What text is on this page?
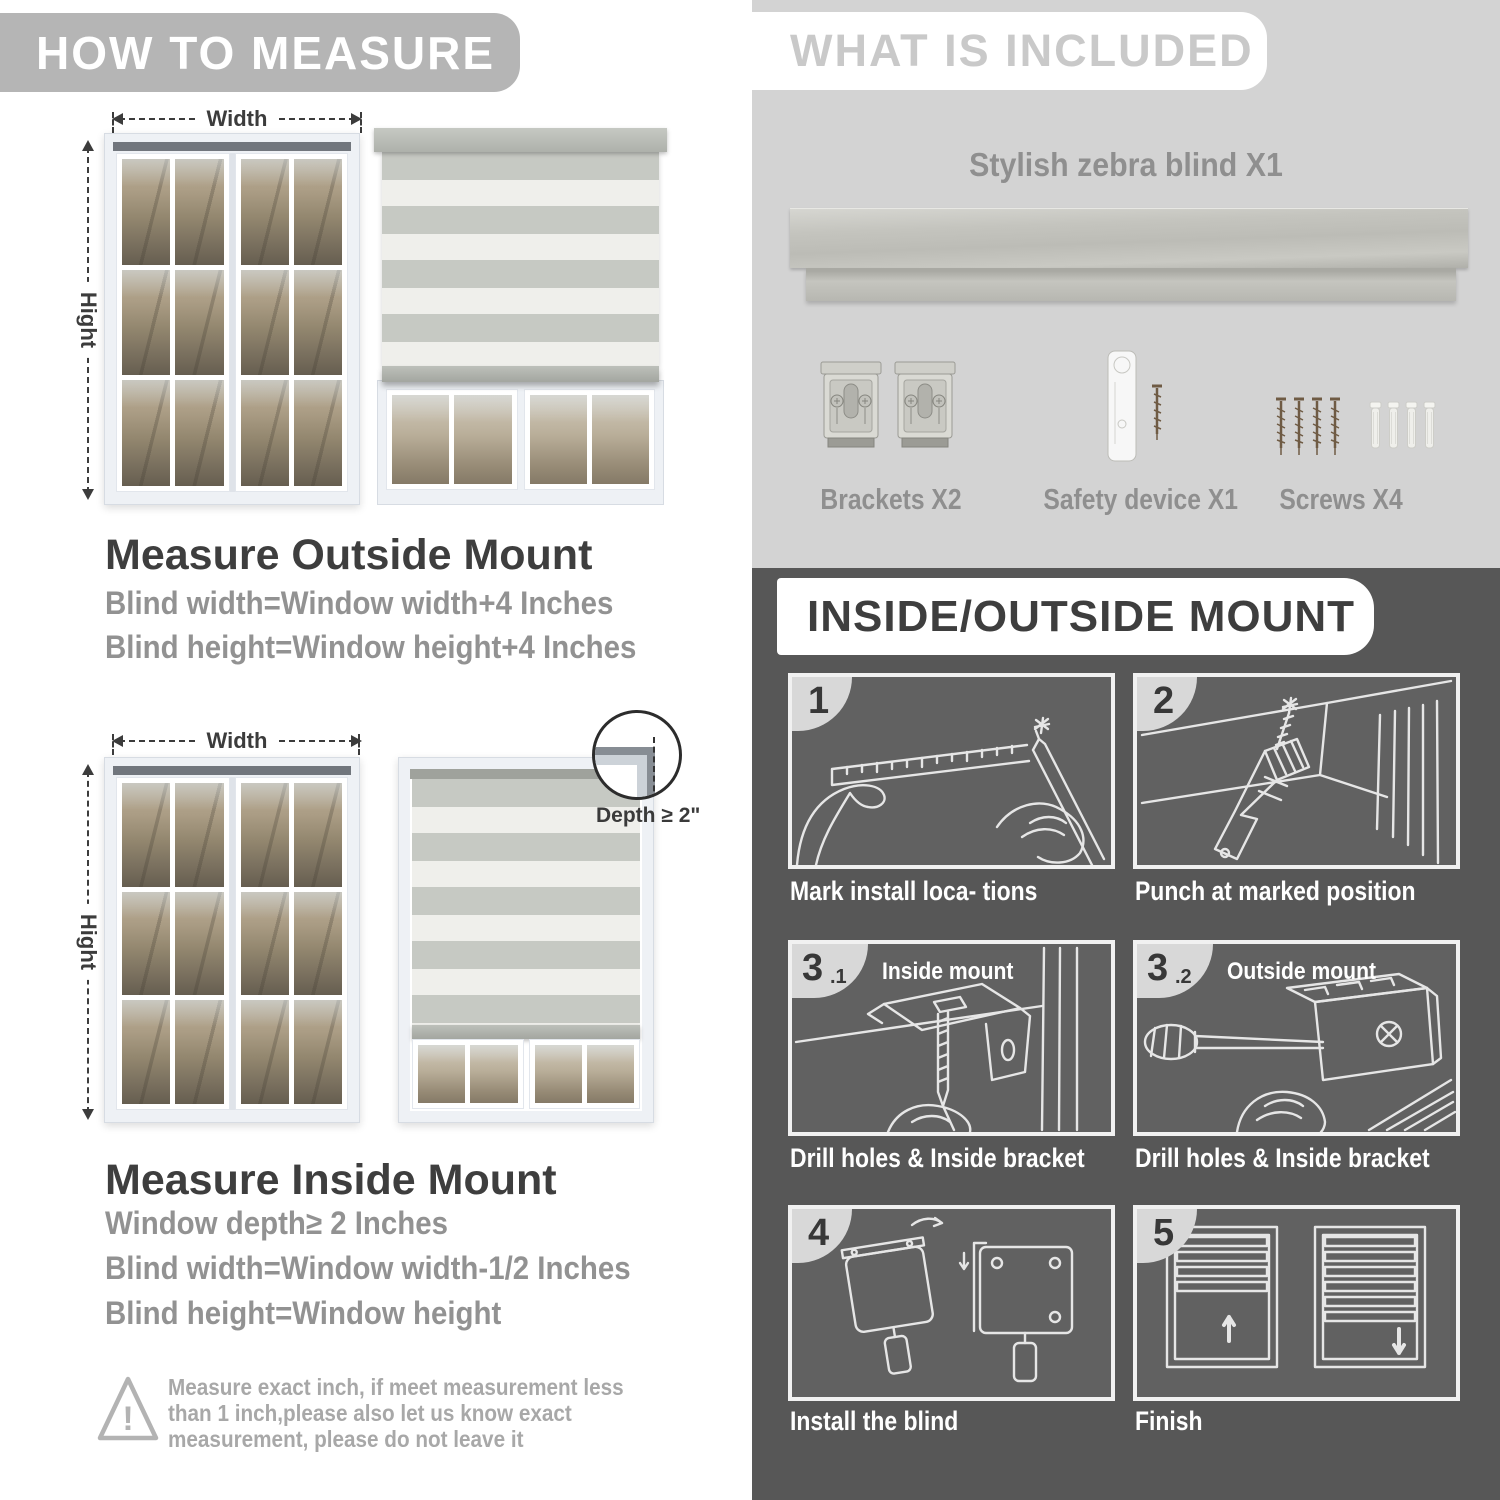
HOW TO MEASURE
Width
Hight
Measure Outside Mount
Blind width=Window width+4 Inches
Blind height=Window height+4 Inches
Width
Hight
Depth ≥ 2"
Measure Inside Mount
Window depth≥ 2 Inches
Blind width=Window width-1/2 Inches
Blind height=Window height
!
Measure exact inch, if meet measurement less
than 1 inch,please also let us know exact
measurement, please do not leave it
WHAT IS INCLUDED
Stylish zebra blind X1
Brackets X2	Safety device X1 Screws X4
INSIDE/OUTSIDE MOUNT
1	2
Mark install loca- tions	Punch at marked position
3 .1 Inside mount	3 .2 Outside mount
Drill holes & Inside bracket Drill holes & Inside bracket
4	5
Install the blind	Finish
